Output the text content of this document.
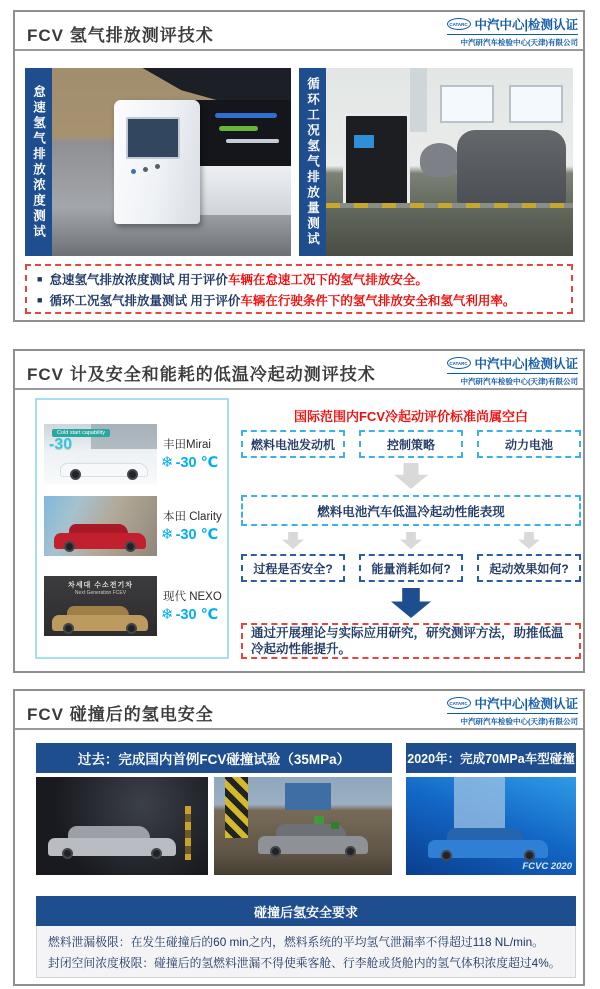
FCV 氢气排放测评技术
CATARC 中汽中心|检测认证
中汽研汽车检验中心(天津)有限公司
怠速氢气排放浓度测试	循环工况氢气排放量测试
■ 怠速氢气排放浓度测试 用于评价车辆在怠速工况下的氢气排放安全。
■ 循环工况氢气排放量测试 用于评价车辆在行驶条件下的氢气排放安全和氢气利用率。
FCV 计及安全和能耗的低温冷起动测评技术
CATARC 中汽中心|检测认证
中汽研汽车检验中心(天津)有限公司
Cold start capability
-30	丰田Mirai
❄ -30 ℃
本田 Clarity
❄ -30 ℃
차세대 수소전기차
Next Generation FCEV	现代 NEXO
❄ -30 ℃
国际范围内FCV冷起动评价标准尚属空白
燃料电池发动机	控制策略	动力电池
燃料电池汽车低温冷起动性能表现
过程是否安全?	能量消耗如何?	起动效果如何?
通过开展理论与实际应用研究，研究测评方法，助推低温冷起动性能提升。
FCV 碰撞后的氢电安全
CATARC 中汽中心|检测认证
中汽研汽车检验中心(天津)有限公司
过去：完成国内首例FCV碰撞试验（35MPa）	2020年：完成70MPa车型碰撞
FCVC 2020
碰撞后氢安全要求
燃料泄漏极限：在发生碰撞后的60 min之内，燃料系统的平均氢气泄漏率不得超过118 NL/min。
封闭空间浓度极限：碰撞后的氢燃料泄漏不得使乘客舱、行李舱或货舱内的氢气体积浓度超过4%。
